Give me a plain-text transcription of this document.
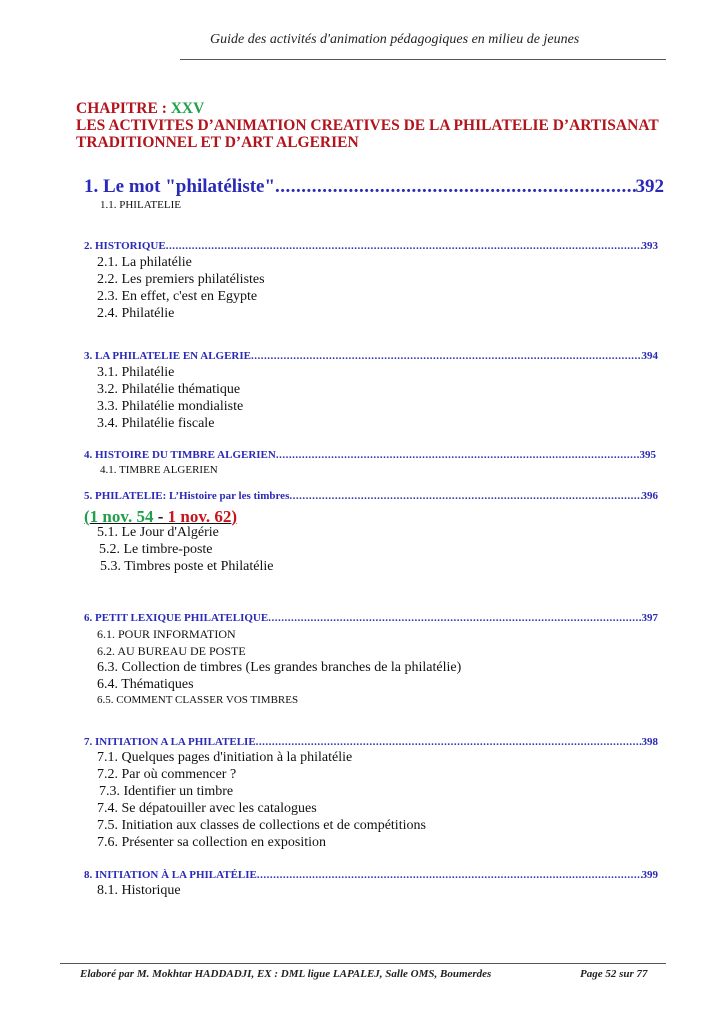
Guide des activités d'animation pédagogiques en milieu de jeunes
CHAPITRE : XXV
LES ACTIVITES D’ANIMATION CREATIVES DE LA PHILATELIE D’ARTISANAT
TRADITIONNEL ET D’ART ALGERIEN
1. Le mot "philatéliste" .....	392
1.1. PHILATELIE
2. HISTORIQUE .....	393
2.1. La philatélie
2.2. Les premiers philatélistes
2.3. En effet, c'est en Egypte
2.4. Philatélie
3. LA PHILATELIE EN ALGERIE .....	394
3.1. Philatélie
3.2. Philatélie thématique
3.3. Philatélie mondialiste
3.4. Philatélie fiscale
4. HISTOIRE DU TIMBRE ALGERIEN .....	395
4.1. TIMBRE ALGERIEN
5. PHILATELIE: L’Histoire par les timbres .....	396
(1 nov. 54 - 1 nov. 62)
5.1. Le Jour d'Algérie
5.2. Le timbre-poste
5.3. Timbres poste et Philatélie
6. PETIT LEXIQUE PHILATELIQUE .....	397
6.1. POUR INFORMATION
6.2. AU BUREAU DE POSTE
6.3. Collection de timbres (Les grandes branches de la philatélie)
6.4. Thématiques
6.5. COMMENT CLASSER VOS TIMBRES
7. INITIATION A LA PHILATELIE .....	398
7.1. Quelques pages d'initiation à la philatélie
7.2. Par où commencer ?
7.3. Identifier un timbre
7.4. Se dépatouiller avec les catalogues
7.5. Initiation aux classes de collections et de compétitions
7.6. Présenter sa collection en exposition
8. INITIATION À LA PHILATÉLIE .....	399
8.1. Historique
Elaboré par M. Mokhtar HADDADJI, EX : DML ligue LAPALEJ, Salle OMS, Boumerdes	Page 52 sur 77
